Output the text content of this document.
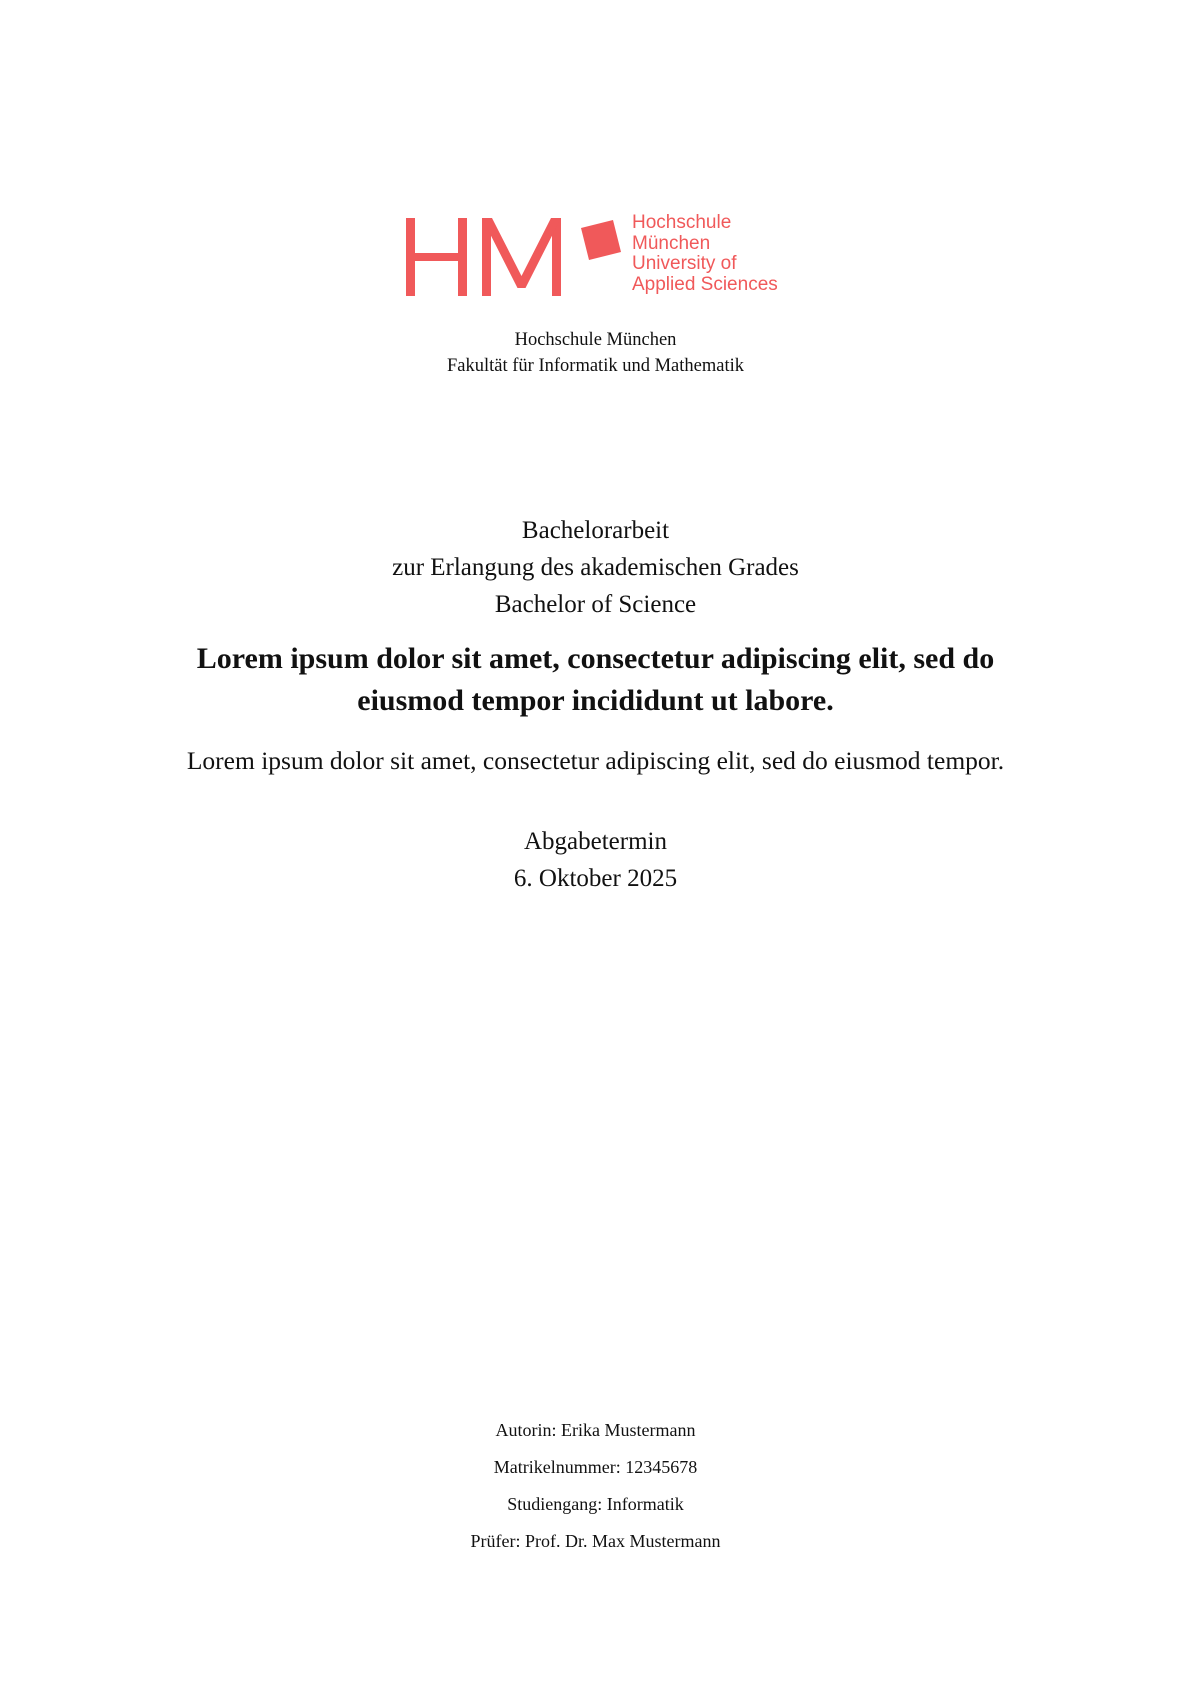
Hochschule
München
University of
Applied Sciences
Hochschule München
Fakultät für Informatik und Mathematik
Bachelorarbeit
zur Erlangung des akademischen Grades
Bachelor of Science
Lorem ipsum dolor sit amet, consectetur adipiscing elit, sed do
eiusmod tempor incididunt ut labore.
Lorem ipsum dolor sit amet, consectetur adipiscing elit, sed do eiusmod tempor.
Abgabetermin
6. Oktober 2025
Autorin: Erika Mustermann
Matrikelnummer: 12345678
Studiengang: Informatik
Prüfer: Prof. Dr. Max Mustermann
